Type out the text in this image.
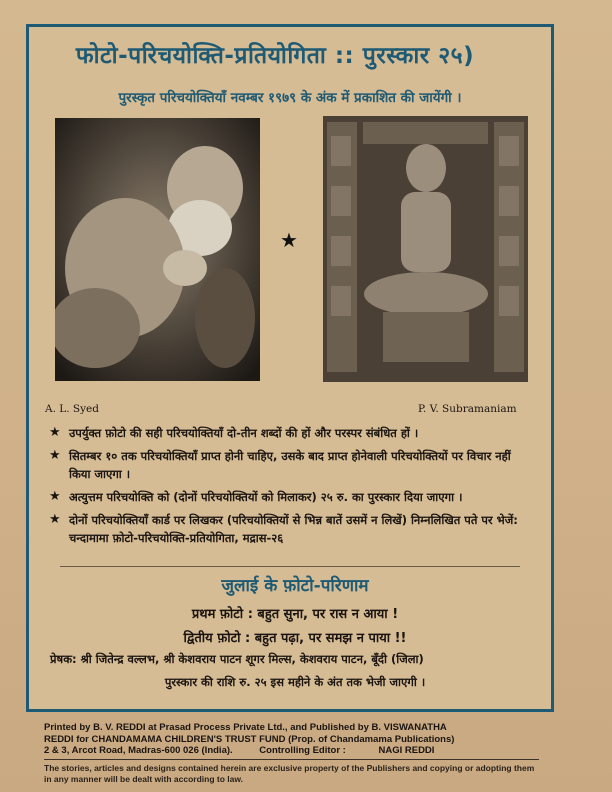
फोटो-परिचयोक्ति-प्रतियोगिता :: पुरस्कार २५)
पुरस्कृत परिचयोक्तियाँ नवम्बर १९७९ के अंक में प्रकाशित की जायेंगी ।
★
A. L. Syed	P. V. Subramaniam
★ उपर्युक्त फ़ोटो की सही परिचयोक्तियाँ दो-तीन शब्दों की हों और परस्पर संबंधित हों ।
★ सितम्बर १० तक परिचयोक्तियाँ प्राप्त होनी चाहिए, उसके बाद प्राप्त होनेवाली परिचयोक्तियों पर विचार नहीं किया जाएगा ।
★ अत्युत्तम परिचयोक्ति को (दोनों परिचयोक्तियों को मिलाकर) २५ रु. का पुरस्कार दिया जाएगा ।
★ दोनों परिचयोक्तियाँ कार्ड पर लिखकर (परिचयोक्तियों से भिन्न बातें उसमें न लिखें) निम्नलिखित पते पर भेजें: चन्दामामा फ़ोटो-परिचयोक्ति-प्रतियोगिता, मद्रास-२६
जुलाई के फ़ोटो-परिणाम
प्रथम फ़ोटो : बहुत सुना, पर रास न आया !
द्वितीय फ़ोटो : बहुत पढ़ा, पर समझ न पाया !!
प्रेषक: श्री जितेन्द्र वल्लभ, श्री केशवराय पाटन शूगर मिल्स, केशवराय पाटन, बूँदी (जिला)
पुरस्कार की राशि रु. २५ इस महीने के अंत तक भेजी जाएगी ।
Printed by B. V. REDDI at Prasad Process Private Ltd., and Published by B. VISWANATHA
REDDI for CHANDAMAMA CHILDREN'S TRUST FUND (Prop. of Chandamama Publications)
2 & 3, Arcot Road, Madras-600 026 (India).	Controlling Editor :	NAGI REDDI
The stories, articles and designs contained herein are exclusive property of the Publishers and copying or adopting them in any manner will be dealt with according to law.
